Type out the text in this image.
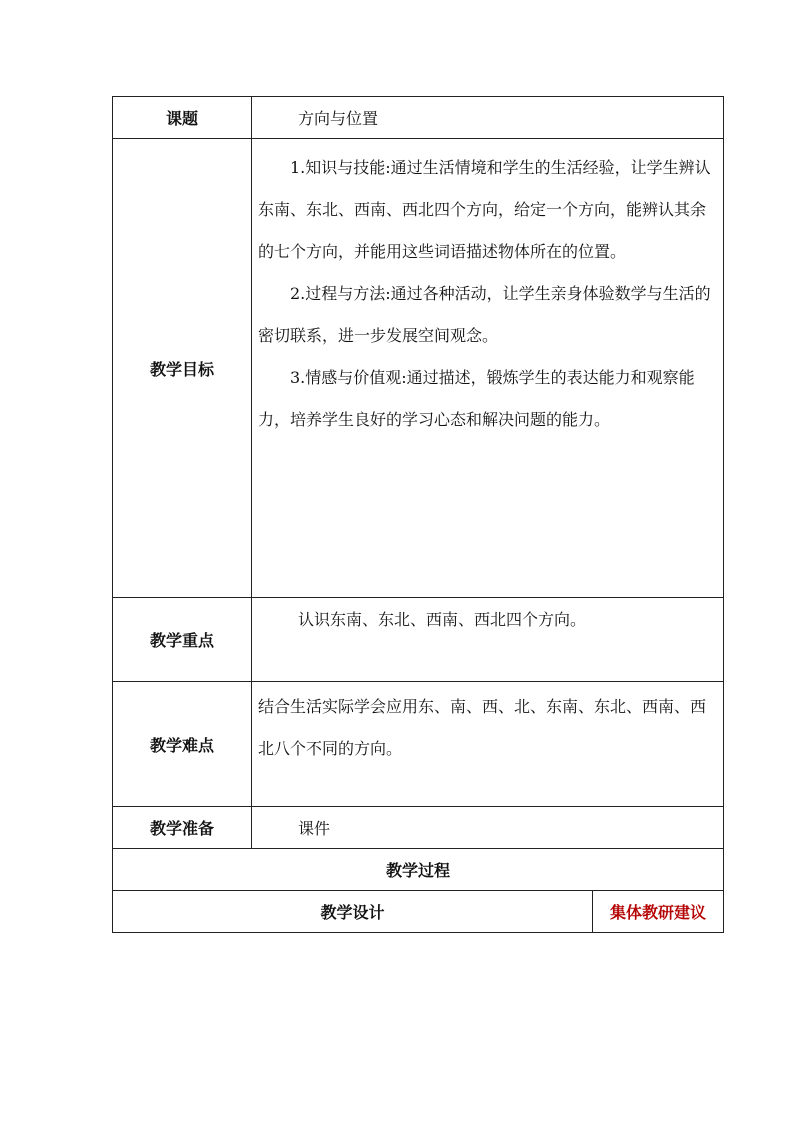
课题	方向与位置	
教学目标	1.知识与技能:通过生活情境和学生的生活经验，让学生辨认东南、东北、西南、西北四个方向，给定一个方向，能辨认其余的七个方向，并能用这些词语描述物体所在的位置。

2.过程与方法:通过各种活动，让学生亲身体验数学与生活的密切联系，进一步发展空间观念。

3.情感与价值观:通过描述，锻炼学生的表达能力和观察能力，培养学生良好的学习心态和解决问题的能力。	

教学重点	认识东南、东北、西南、西北四个方向。	
教学难点	结合生活实际学会应用东、南、西、北、东南、东北、西南、西北八个不同的方向。	

教学准备	课件	
教学过程		
教学设计		集体教研建议
